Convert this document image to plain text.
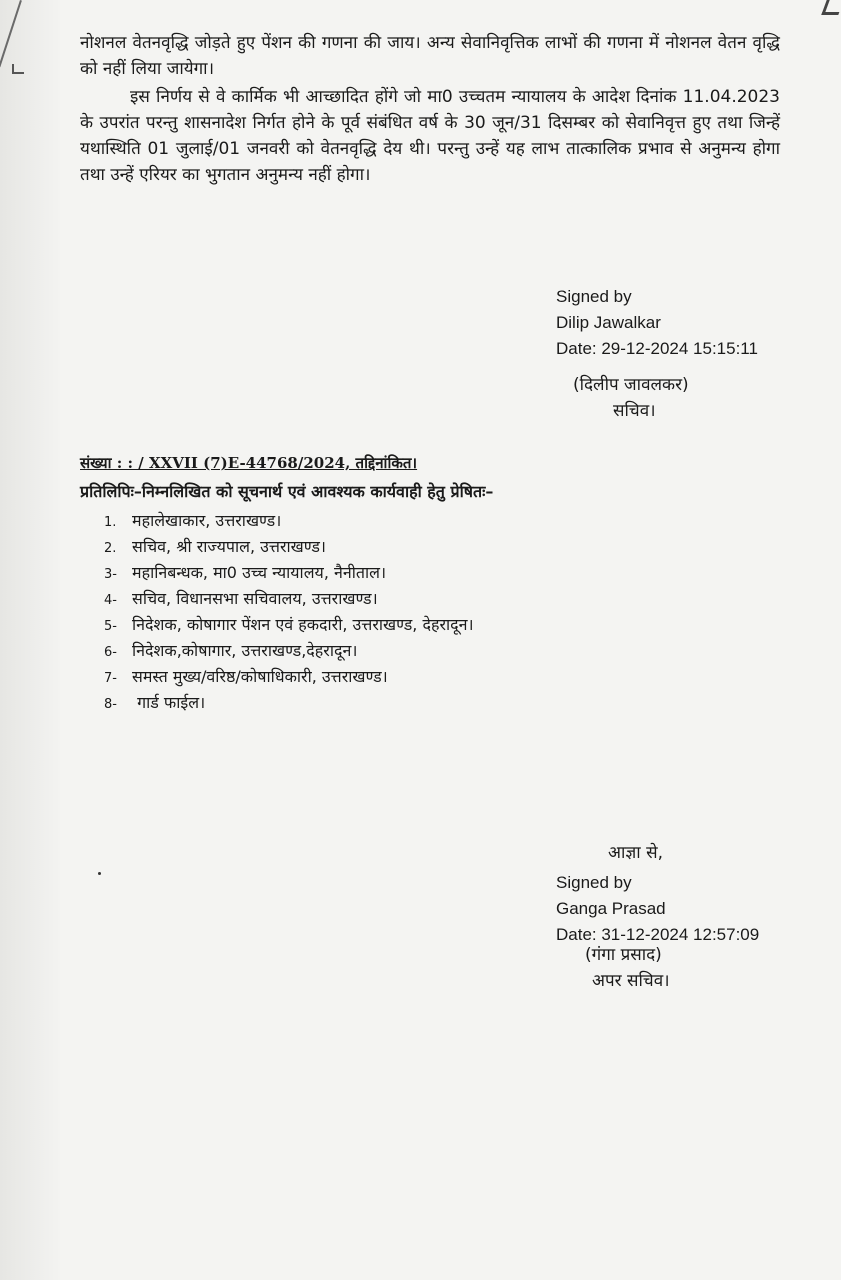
नोशनल वेतनवृद्धि जोड़ते हुए पेंशन की गणना की जाय। अन्य सेवानिवृत्तिक लाभों की गणना में नोशनल वेतन वृद्धि को नहीं लिया जायेगा।
इस निर्णय से वे कार्मिक भी आच्छादित होंगे जो मा0 उच्चतम न्यायालय के आदेश दिनांक 11.04.2023 के उपरांत परन्तु शासनादेश निर्गत होने के पूर्व संबंधित वर्ष के 30 जून/31 दिसम्बर को सेवानिवृत्त हुए तथा जिन्हें यथास्थिति 01 जुलाई/01 जनवरी को वेतनवृद्धि देय थी। परन्तु उन्हें यह लाभ तात्कालिक प्रभाव से अनुमन्य होगा तथा उन्हें एरियर का भुगतान अनुमन्य नहीं होगा।
Signed by
Dilip Jawalkar
Date: 29-12-2024 15:15:11
(दिलीप जावलकर)
सचिव।
संख्या : : / XXVII (7)E-44768/2024, तद्दिनांकित।
प्रतिलिपिः–निम्नलिखित को सूचनार्थ एवं आवश्यक कार्यवाही हेतु प्रेषितः–
1. महालेखाकार, उत्तराखण्ड।
2. सचिव, श्री राज्यपाल, उत्तराखण्ड।
3- महानिबन्धक, मा0 उच्च न्यायालय, नैनीताल।
4- सचिव, विधानसभा सचिवालय, उत्तराखण्ड।
5- निदेशक, कोषागार पेंशन एवं हकदारी, उत्तराखण्ड, देहरादून।
6- निदेशक,कोषागार, उत्तराखण्ड,देहरादून।
7- समस्त मुख्य/वरिष्ठ/कोषाधिकारी, उत्तराखण्ड।
8- गार्ड फाईल।
आज्ञा से,
Signed by
Ganga Prasad
Date: 31-12-2024 12:57:09
(गंगा प्रसाद)
अपर सचिव।
